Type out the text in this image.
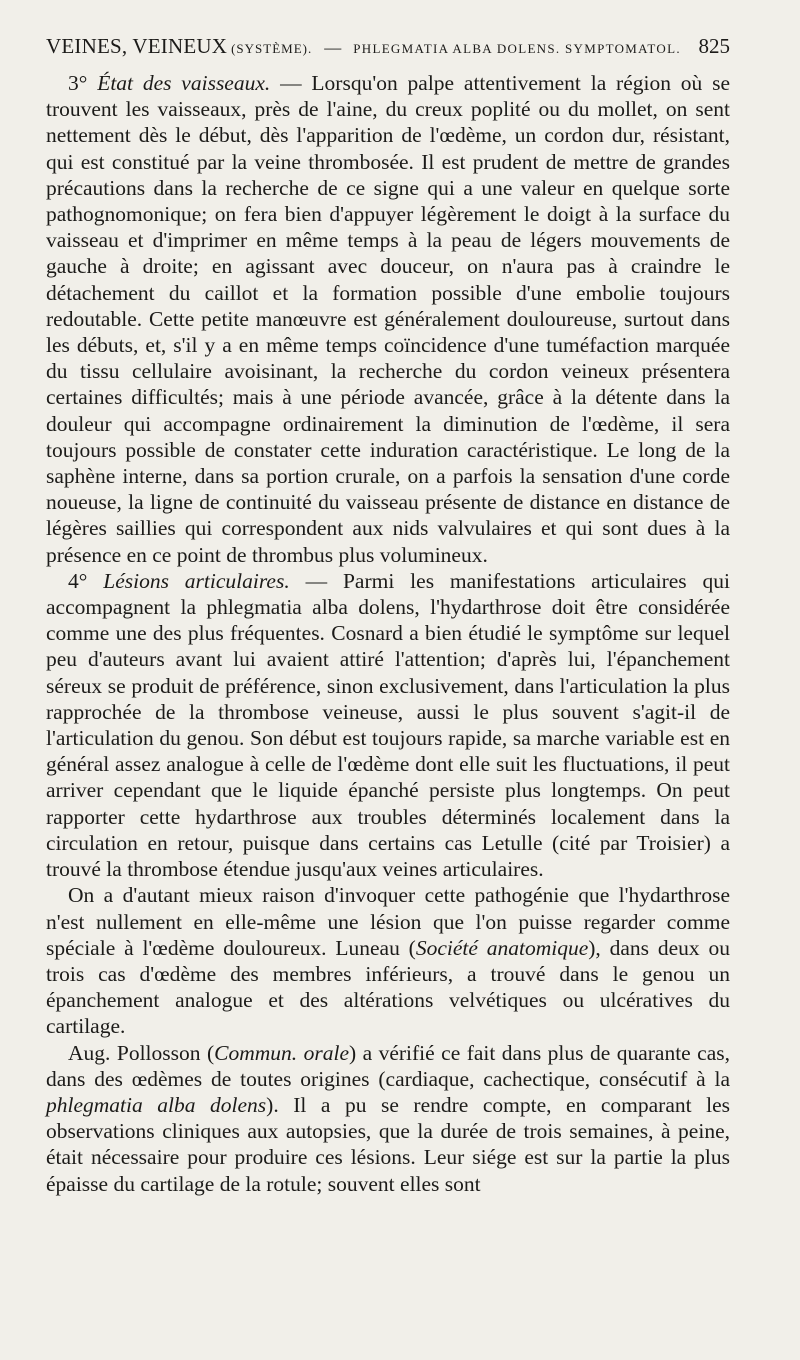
VEINES, VEINEUX (SYSTÈME). — PHLEGMATIA ALBA DOLENS. SYMPTOMATOL. 825

3° État des vaisseaux. — Lorsqu'on palpe attentivement la région où se trouvent les vaisseaux, près de l'aine, du creux poplité ou du mollet, on sent nettement dès le début, dès l'apparition de l'œdème, un cordon dur, résistant, qui est constitué par la veine thrombosée. Il est prudent de mettre de grandes précautions dans la recherche de ce signe qui a une valeur en quelque sorte pathognomonique; on fera bien d'appuyer légèrement le doigt à la surface du vaisseau et d'imprimer en même temps à la peau de légers mouvements de gauche à droite; en agissant avec douceur, on n'aura pas à craindre le détachement du caillot et la formation possible d'une embolie toujours redoutable. Cette petite manœuvre est généralement douloureuse, surtout dans les débuts, et, s'il y a en même temps coïncidence d'une tuméfaction marquée du tissu cellulaire avoisinant, la recherche du cordon veineux présentera certaines difficultés; mais à une période avancée, grâce à la détente dans la douleur qui accompagne ordinairement la diminution de l'œdème, il sera toujours possible de constater cette induration caractéristique. Le long de la saphène interne, dans sa portion crurale, on a parfois la sensation d'une corde noueuse, la ligne de continuité du vaisseau présente de distance en distance de légères saillies qui correspondent aux nids valvulaires et qui sont dues à la présence en ce point de thrombus plus volumineux.

4° Lésions articulaires. — Parmi les manifestations articulaires qui accompagnent la phlegmatia alba dolens, l'hydarthrose doit être considérée comme une des plus fréquentes. Cosnard a bien étudié le symptôme sur lequel peu d'auteurs avant lui avaient attiré l'attention; d'après lui, l'épanchement séreux se produit de préférence, sinon exclusivement, dans l'articulation la plus rapprochée de la thrombose veineuse, aussi le plus souvent s'agit-il de l'articulation du genou. Son début est toujours rapide, sa marche variable est en général assez analogue à celle de l'œdème dont elle suit les fluctuations, il peut arriver cependant que le liquide épanché persiste plus longtemps. On peut rapporter cette hydarthrose aux troubles déterminés localement dans la circulation en retour, puisque dans certains cas Letulle (cité par Troisier) a trouvé la thrombose étendue jusqu'aux veines articulaires.

On a d'autant mieux raison d'invoquer cette pathogénie que l'hydarthrose n'est nullement en elle-même une lésion que l'on puisse regarder comme spéciale à l'œdème douloureux. Luneau (Société anatomique), dans deux ou trois cas d'œdème des membres inférieurs, a trouvé dans le genou un épanchement analogue et des altérations velvétiques ou ulcératives du cartilage.

Aug. Pollosson (Commun. orale) a vérifié ce fait dans plus de quarante cas, dans des œdèmes de toutes origines (cardiaque, cachectique, consécutif à la phlegmatia alba dolens). Il a pu se rendre compte, en comparant les observations cliniques aux autopsies, que la durée de trois semaines, à peine, était nécessaire pour produire ces lésions. Leur siége est sur la partie la plus épaisse du cartilage de la rotule; souvent elles sont
